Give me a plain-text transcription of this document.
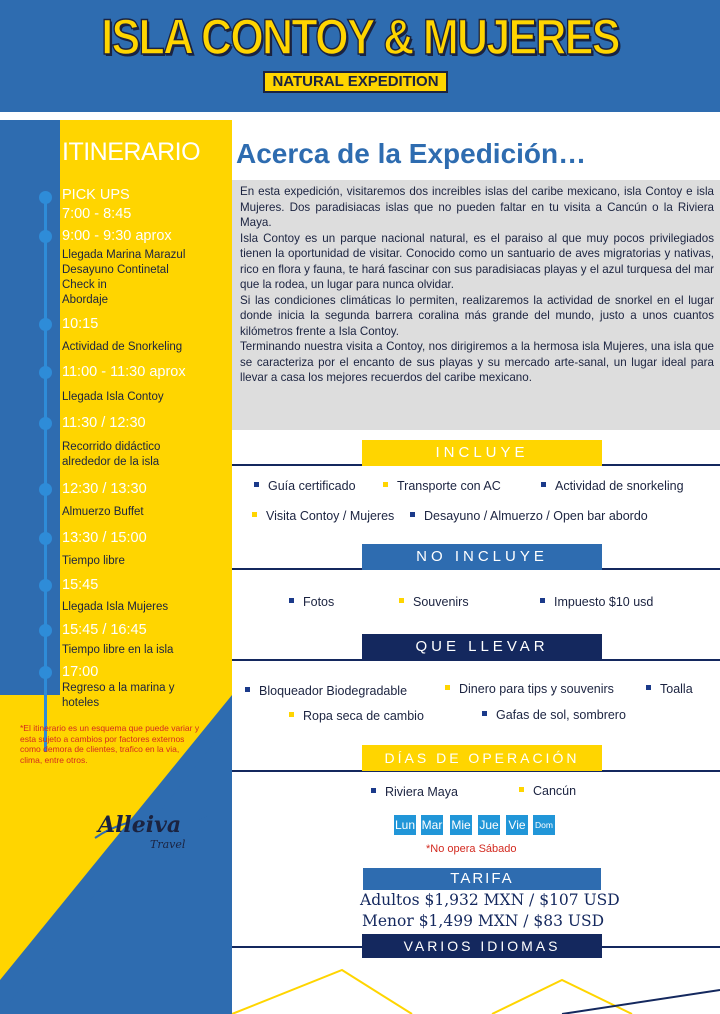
ISLA CONTOY & MUJERES
NATURAL EXPEDITION
ITINERARIO
PICK UPS
7:00 - 8:45
9:00 - 9:30 aprox
Llegada Marina Marazul
Desayuno Continetal
Check in
Abordaje
10:15
Actividad de Snorkeling
11:00 - 11:30 aprox
Llegada Isla Contoy
11:30 / 12:30
Recorrido didáctico
alrededor de la isla
12:30 / 13:30
Almuerzo Buffet
13:30 / 15:00
Tiempo libre
15:45
Llegada Isla Mujeres
15:45 / 16:45
Tiempo libre en la isla
17:00
Regreso a la marina y
hoteles
*El itinerario es un esquema que puede variar y esta sujeto a cambios por factores externos como demora de clientes, trafico en la via, clima, entre otros.
Alleiva
Travel
Acerca de la Expedición…

En esta expedición, visitaremos dos increibles islas del caribe mexicano, isla Contoy e isla Mujeres. Dos paradisiacas islas que no pueden faltar en tu visita a Cancún o la Riviera Maya.

Isla Contoy es un parque nacional natural, es el paraiso al que muy pocos privilegiados tienen la oportunidad de visitar. Conocido como un santuario de aves migratorias y nativas, rico en flora y fauna, te hará fascinar con sus paradisiacas playas y el azul turquesa del mar que la rodea, un lugar para nunca olvidar.

Si las condiciones climáticas lo permiten, realizaremos la actividad de snorkel en el lugar donde inicia la segunda barrera coralina más grande del mundo, justo a unos cuantos kilómetros frente a Isla Contoy.

Terminando nuestra visita a Contoy, nos dirigiremos a la hermosa isla Mujeres, una isla que se caracteriza por el encanto de sus playas y su mercado arte-sanal, un lugar ideal para llevar a casa los mejores recuerdos del caribe mexicano.

INCLUYE
Guía certificado	Transporte con AC	Actividad de snorkeling
Visita Contoy / Mujeres	Desayuno / Almuerzo / Open bar abordo
NO INCLUYE
Fotos	Souvenirs	Impuesto $10 usd
QUE LLEVAR
Bloqueador Biodegradable	Dinero para tips y souvenirs	Toalla
Ropa seca de cambio	Gafas de sol, sombrero
DÍAS DE OPERACIÓN
Riviera Maya	Cancún
Lun Mar Mie Jue Vie Dom
*No opera Sábado
TARIFA
Adultos $1,932 MXN / $107 USD
Menor $1,499 MXN / $83 USD
VARIOS IDIOMAS
